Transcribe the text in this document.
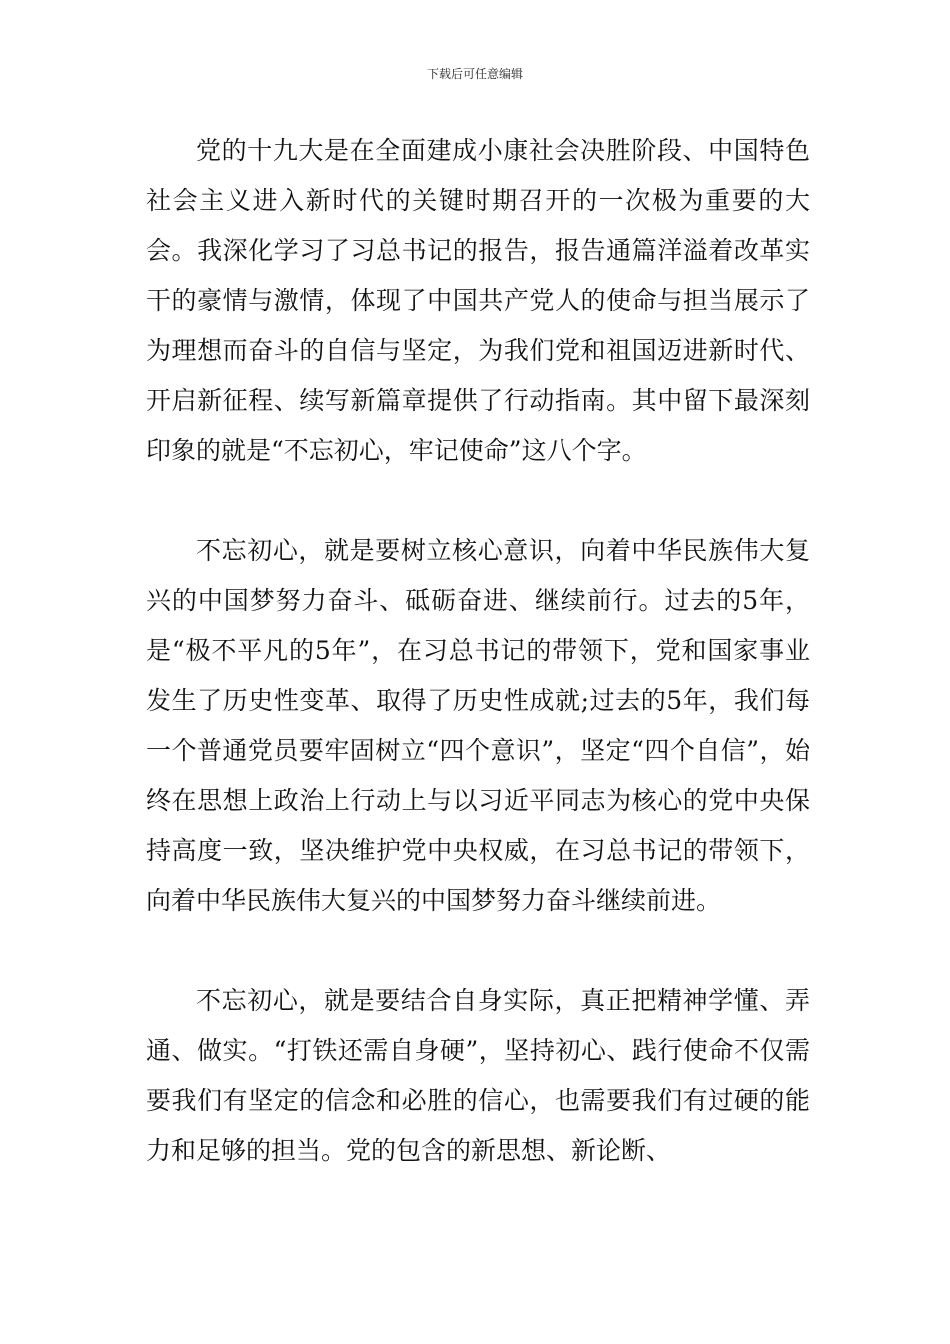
下载后可任意编辑

党的十九大是在全面建成小康社会决胜阶段、中国特色社会主义进入新时代的关键时期召开的一次极为重要的大会。我深化学习了习总书记的报告，报告通篇洋溢着改革实干的豪情与激情，体现了中国共产党人的使命与担当展示了为理想而奋斗的自信与坚定，为我们党和祖国迈进新时代、开启新征程、续写新篇章提供了行动指南。其中留下最深刻印象的就是“不忘初心，牢记使命”这八个字。

不忘初心，就是要树立核心意识，向着中华民族伟大复兴的中国梦努力奋斗、砥砺奋进、继续前行。过去的5年，是“极不平凡的5年”，在习总书记的带领下，党和国家事业发生了历史性变革、取得了历史性成就;过去的5年，我们每一个普通党员要牢固树立“四个意识”，坚定“四个自信”，始终在思想上政治上行动上与以习近平同志为核心的党中央保持高度一致，坚决维护党中央权威，在习总书记的带领下，向着中华民族伟大复兴的中国梦努力奋斗继续前进。

不忘初心，就是要结合自身实际，真正把精神学懂、弄通、做实。“打铁还需自身硬”，坚持初心、践行使命不仅需要我们有坚定的信念和必胜的信心，也需要我们有过硬的能力和足够的担当。党的包含的新思想、新论断、
